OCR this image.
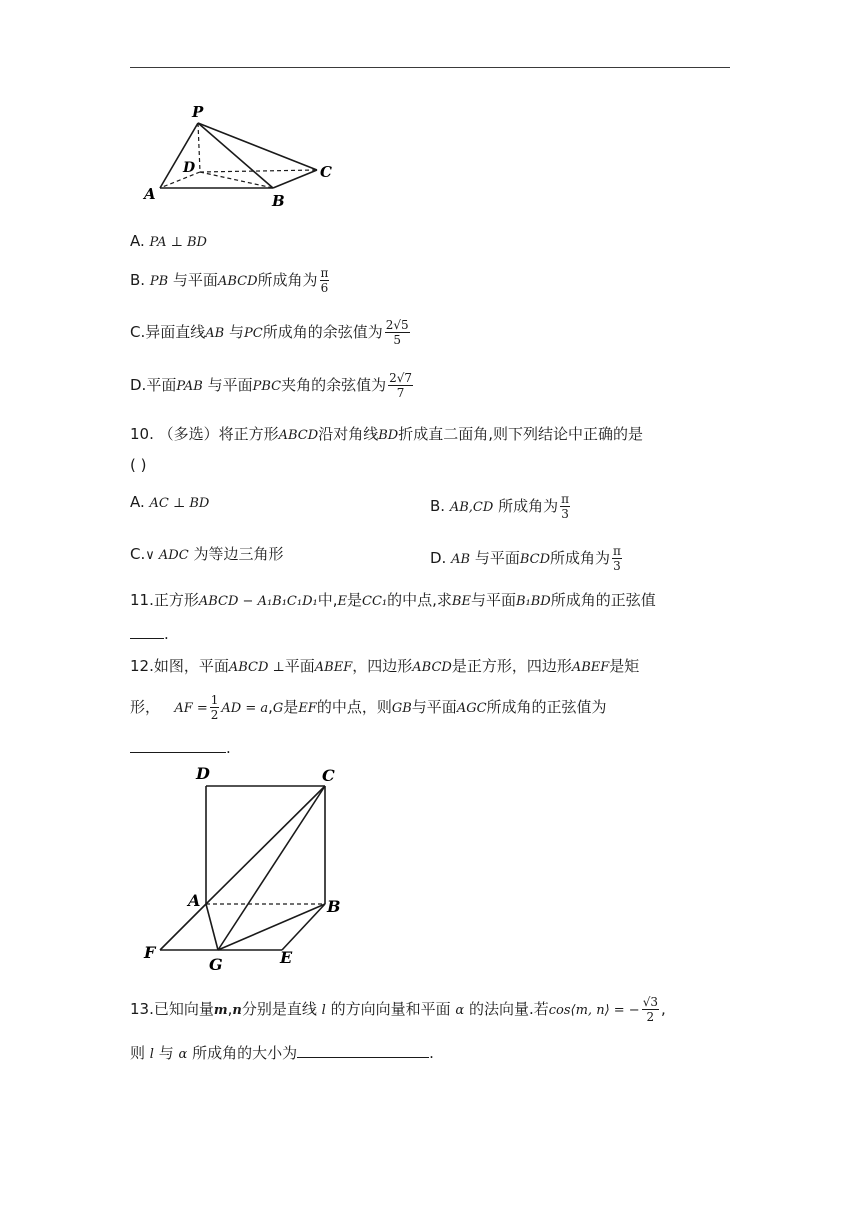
P
D
A	B
C
A. PA ⊥ BD
B. PB 与平面ABCD所成角为 $\frac{\pi}{6}$
C.异面直线AB 与PC所成角的余弦值为 $\frac{2√5}{5}$
D.平面PAB 与平面PBC夹角的余弦值为 $\frac{2√7}{7}$
10. （多选）将正方形ABCD沿对角线BD折成直二面角,则下列结论中正确的是
( )
A. AC ⊥ BD	B. AB,CD 所成角为 $\frac{\pi}{3}$
C.∨ ADC 为等边三角形	D. AB 与平面BCD所成角为 $\frac{\pi}{3}$
11.正方形ABCD − A₁B₁C₁D₁中,E是CC₁的中点,求BE与平面B₁BD所成角的正弦值
.
12.如图，平面ABCD ⊥平面ABEF，四边形ABCD是正方形，四边形ABEF是矩
形， AF = $\frac{1}{2}$ AD = a,G是EF的中点，则GB与平面AGC所成角的正弦值为
.
D	C
A	B
F
G	E
13.已知向量m,n分别是直线 l 的方向向量和平面 α 的法向量.若cos⟨m, n⟩ = − $\frac{√3}{2}$ ,
则 l 与 α 所成角的大小为	.
